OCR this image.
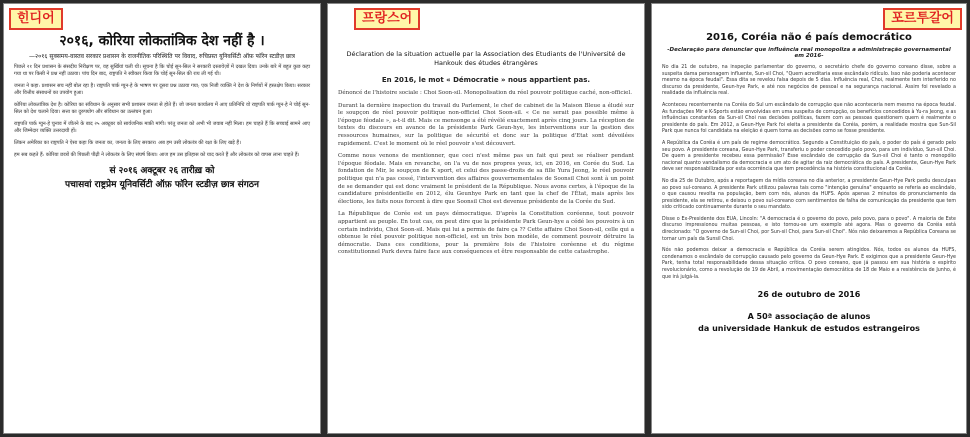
힌디어
२०१६, कोरिया लोकतांत्रिक देश नहीं है ।

—२०१६ सुक्समय-वास्तव सरकार प्रशासन के राजनीतिक परिस्थिति पर विवाद, रुचिप्रस्त यूनिवर्सिटी ऑफ़ फॉरेन स्टडीज़ छात्र

पिछले २१ दिन प्रशासन के संसदीय निरीक्षण पर, वह सुर्खियां चली थी। सूचना है कि चोई सून-सिल ने सरकारी दस्तावेज़ों में दखल दिया। उनके बारे में बहुत कुछ कहा गया था पर किसी ने प्रश्न नहीं उठाया। पांच दिन बाद, राष्ट्रपति ने स्वीकार किया कि चोई सून-सिल की राय ली गई थी।

जनता ने कहा: प्रशासन सच नहीं बोल रहा है। राष्ट्रपति पार्क ग्युन-हे के भाषण पर दूसरा प्रश्न उठाया गया; एक निजी व्यक्ति ने देश के निर्णयों में हस्तक्षेप किया। सरकार और वित्तीय संसाधनों का उपयोग हुआ।

कोरिया लोकतांत्रिक देश है। कोरिया का संविधान के अनुसार सभी प्रशासन जनता से होते हैं। जो जनता कार्यालय में आए प्रतिनिधि वो राष्ट्रपति पार्क ग्युन-हे ने चोई सून-सिल को देश चलाने दिया। सत्ता का दुरुपयोग और संविधान का उल्लंघन हुआ।

राष्ट्रपति पार्क ग्युन-हे चुनाव में जीतने के बाद २५ अक्टूबर को सार्वजनिक माफ़ी मांगी। परंतु जनता को अभी भी जवाब नहीं मिला। हम चाहते हैं कि सच्चाई सामने आए और जिम्मेदार व्यक्ति उत्तरदायी हों।

लिंकन अमेरिका का राष्ट्रपति ने ऐसा कहा कि जनता का, जनता के लिए सरकार। अब हम उसी लोकतंत्र की रक्षा के लिए खड़े हैं।

हम सब कहते हैं: कोरिया छात्रों की पिछली पीढ़ी ने लोकतंत्र के लिए संघर्ष किया। आज हम उस इतिहास को याद करते हैं और लोकतंत्र को वापस लाना चाहते हैं।

सं २०१६ अक्टूबर २६ तारीख़ को

पचासवां राष्ट्रप्रेम यूनिवर्सिटी ऑफ़ फॉरेन स्टडीज़ छात्र संगठन

프랑스어
Déclaration de la situation actuelle par la Association des Etudiants de l'Université de Hankouk des études étrangères

En 2016, le mot « Démocratie » nous appartient pas.

Dénoncé de l'histoire sociale : Choi Soon-sil. Monopolisation du réel pouvoir politique caché, non-officiel.

Durant la dernière inspection du travail du Parlement, le chef de cabinet de la Maison Bleue a éludé sur le soupçon de réel pouvoir politique non-officiel Choi Soon-sil. « Ce ne serait pas possible même à l'époque féodale », a-t-il dit. Mais ce mensonge a été révélé exactement après cinq jours. La réception de textes du discours en avance de la présidente Park Geun-hye, les interventions sur la gestion des ressources humaines, sur la politique de sécurité et donc sur la politique d'Etat sont dévoilées rapidement. C'est le moment où le réel pouvoir s'est découvert.

Comme nous venons de mentionner, que ceci n'est même pas un fait qui peut se réaliser pendant l'époque féodale. Mais en revanche, on l'a vu de nos propres yeux, ici, en 2016, en Corée du Sud. La fondation de Mir, le soupçon de K sport, et celui des passe-droits de sa fille Yura Jeong, le réel pouvoir politique qui n'a pas cessé, l'intervention des affaires gouvernementales de Soonsil Choi sont à un point de se demander qui est donc vraiment le président de la République. Nous avons certes, à l'époque de la candidature présidentielle en 2012, élu Geunhye Park en tant que la chef de l'État, mais après les élections, les faits nous forcent à dire que Soonsil Choi est devenue présidente de la Corée du Sud.

La République de Corée est un pays démocratique. D'après la Constitution coréenne, tout pouvoir appartient au peuple. En tout cas, on peut dire que la présidente Park Geun-hye a cédé les pouvoirs à un certain individu, Choi Soon-sil. Mais qui lui a permis de faire ça ?? Cette affaire Choi Soon-sil, celle qui a obtenue le réel pouvoir politique non-officiel, est un très bon modèle, de comment pouvoir détruire la démocratie. Dans ces conditions, pour la première fois de l'histoire coréenne et du régime constitutionnel Park devra faire face aux conséquences et être responsable de cette catastrophe.

포르투갈어
2016, Coréia não é país democrático

-Declaração para denunciar que influência real monopoliza a administração governamental em 2016-

No dia 21 de outubro, na inspeção parlamentar do governo, o secretário chefe do governo coreano disse, sobre a suspeita dama personagem influente, Sun-sil Choi, "Quem acreditaria esse escândalo ridículo. Isso não poderia acontecer mesmo na época feudal". Essa dita se revelou falsa depois de 5 dias. Influência real, Choi, realmente tem interferido no discurso da presidente, Geun-hye Park, e até nos negócios de pessoal e na segurança nacional. Assim foi revelado a realidade da influência real.

Aconteceu recentemente na Coréia do Sul um escândalo de corrupção que não aconteceria nem mesmo na época feudal. As fundações Mir e K-Sports estão envolvidas em uma suspeita de corrupção, os benefícios concedidos à Yu-ra Jeong, e as influências constantes da Sun-sil Choi nas decisões políticas, fazem com as pessoas questionem quem é realmente o presidente do país. Em 2012, a Geun-Hye Park foi eleita a presidente da Coréia, porém, a realidade mostra que Sun-Sil Park que nunca foi candidata na eleição é quem toma as decisões como se fosse presidente.

A República da Coréia é um país de regime democrático. Segundo a Constituição do país, o poder do país é gerado pelo seu povo. A presidente coreana, Geun-Hye Park, transferiu o poder concedido pelo povo, para um indivíduo, Sun-sil Choi. De quem a presidente recebeu essa permissão? Esse escândalo de corrupção da Sun-sil Choi é tanto o monopólio nacional quanto vandalismo da democracia e um ato de agitar da raiz democrática do país. A presidente, Geun-Hye Park deve ser responsabilizada por esta ocorrência que tem precedência na história constitucional da Coréia.

No dia 25 de Outubro, após a reportagem da mídia coreana no dia anterior, a presidente Geun-Hye Park pediu desculpas ao povo sul-coreano. A presidente Park utilizou palavras tais como "intenção genuína" enquanto se referia ao escândalo, o que causou revolta na população, bem com nós, alunos da HUFS. Após apenas 2 minutos do pronunciamento da presidente, ela se retirou, e deixou o povo sul-coreano com sentimentos de falha de comunicação da presidente que tem sido criticado continuamente durante o seu mandato.

Disse o Ex-Presidente dos EUA, Lincoln: "A democracia é o governo do povo, pelo povo, para o povo". A maioria de Este discurso impressionou muitas pessoas, e isto tornou-se um exemplo até agora. Mas o governo da Coréia está direcionado: "O governo de Sun-sil Choi, por Sun-sil Choi, para Sun-sil Choi". Nós não deixaremos a República Coreana se tornar um país da Sunsil Choi.

Nós não podemos deixar a democracia e República da Coréia serem atingidos. Nós, todos os alunos da HUFS, condenamos o escândalo de corrupção causado pelo governo da Geun-Hye Park. E exigimos que a presidente Geun-Hye Park, tenha total responsabilidade dessa situação crítica. O povo coreano, que já passou em sua história o espírito revolucionário, como a revolução de 19 de Abril, a movimentação democrática de 18 de Maio e a resistência de Junho, é que irá julgá-la.

26 de outubro de 2016

A 50ª associação de alunos

da universidade Hankuk de estudos estrangeiros
